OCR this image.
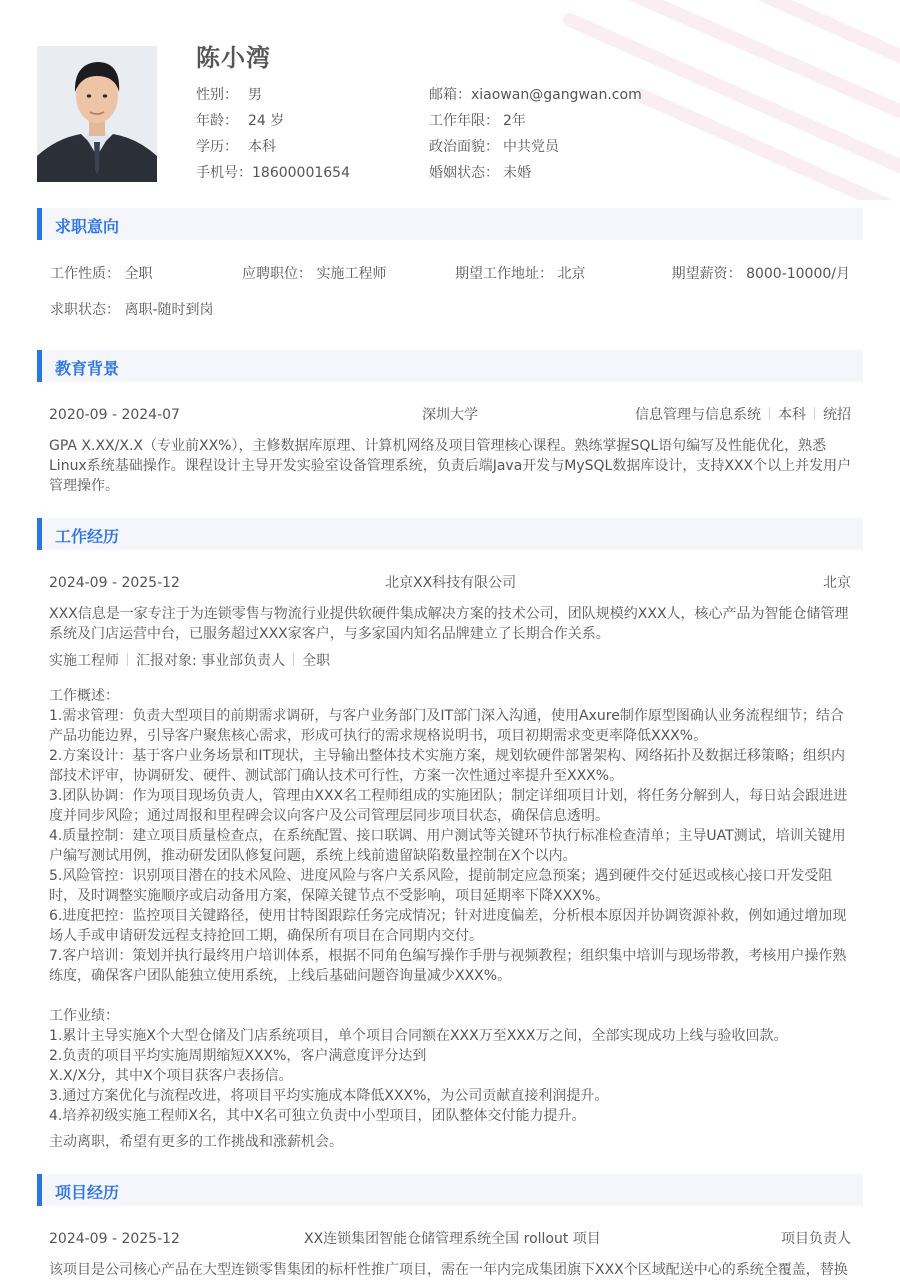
陈小湾
性别： 男
年龄： 24 岁
学历： 本科
手机号：18600001654
邮箱：xiaowan@gangwan.com
工作年限： 2年
政治面貌： 中共党员
婚姻状态： 未婚
求职意向
工作性质： 全职	应聘职位： 实施工程师	期望工作地址： 北京	期望薪资： 8000-10000/月
求职状态： 离职-随时到岗
教育背景
2020-09 - 2024-07	深圳大学	信息管理与信息系统 本科 统招
GPA X.XX/X.X（专业前XX%），主修数据库原理、计算机网络及项目管理核心课程。熟练掌握SQL语句编写及性能优化，熟悉
Linux系统基础操作。课程设计主导开发实验室设备管理系统，负责后端Java开发与MySQL数据库设计，支持XXX个以上并发用户
管理操作。
工作经历
2024-09 - 2025-12	北京XX科技有限公司	北京
XXX信息是一家专注于为连锁零售与物流行业提供软硬件集成解决方案的技术公司，团队规模约XXX人，核心产品为智能仓储管理
系统及门店运营中台，已服务超过XXX家客户，与多家国内知名品牌建立了长期合作关系。
实施工程师 汇报对象: 事业部负责人 全职
工作概述：
1.需求管理：负责大型项目的前期需求调研，与客户业务部门及IT部门深入沟通，使用Axure制作原型图确认业务流程细节；结合
产品功能边界，引导客户聚焦核心需求，形成可执行的需求规格说明书，项目初期需求变更率降低XXX%。
2.方案设计：基于客户业务场景和IT现状，主导输出整体技术实施方案，规划软硬件部署架构、网络拓扑及数据迁移策略；组织内
部技术评审，协调研发、硬件、测试部门确认技术可行性，方案一次性通过率提升至XXX%。
3.团队协调：作为项目现场负责人，管理由XXX名工程师组成的实施团队；制定详细项目计划，将任务分解到人，每日站会跟进进
度并同步风险；通过周报和里程碑会议向客户及公司管理层同步项目状态，确保信息透明。
4.质量控制：建立项目质量检查点，在系统配置、接口联调、用户测试等关键环节执行标准检查清单；主导UAT测试，培训关键用
户编写测试用例，推动研发团队修复问题，系统上线前遗留缺陷数量控制在X个以内。
5.风险管控：识别项目潜在的技术风险、进度风险与客户关系风险，提前制定应急预案；遇到硬件交付延迟或核心接口开发受阻
时，及时调整实施顺序或启动备用方案，保障关键节点不受影响，项目延期率下降XXX%。
6.进度把控：监控项目关键路径，使用甘特图跟踪任务完成情况；针对进度偏差，分析根本原因并协调资源补救，例如通过增加现
场人手或申请研发远程支持抢回工期，确保所有项目在合同期内交付。
7.客户培训：策划并执行最终用户培训体系，根据不同角色编写操作手册与视频教程；组织集中培训与现场带教，考核用户操作熟
练度，确保客户团队能独立使用系统，上线后基础问题咨询量减少XXX%。
工作业绩：
1.累计主导实施X个大型仓储及门店系统项目，单个项目合同额在XXX万至XXX万之间，全部实现成功上线与验收回款。
2.负责的项目平均实施周期缩短XXX%，客户满意度评分达到
X.X/X分，其中X个项目获客户表扬信。
3.通过方案优化与流程改进，将项目平均实施成本降低XXX%，为公司贡献直接利润提升。
4.培养初级实施工程师X名，其中X名可独立负责中小型项目，团队整体交付能力提升。
主动离职，希望有更多的工作挑战和涨薪机会。
项目经历
2024-09 - 2025-12	XX连锁集团智能仓储管理系统全国 rollout 项目	项目负责人
该项目是公司核心产品在大型连锁零售集团的标杆性推广项目，需在一年内完成集团旗下XXX个区域配送中心的系统全覆盖，替换
